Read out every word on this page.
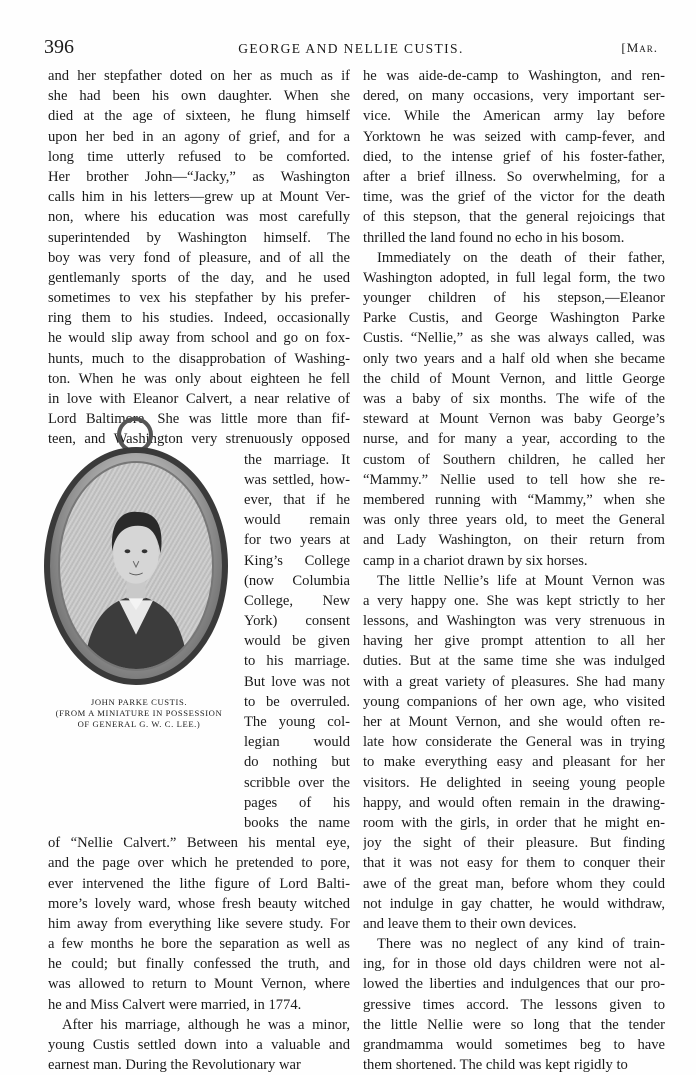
396	GEORGE AND NELLIE CUSTIS.	[Mar.
and her stepfather doted on her as much as if
she had been his own daughter. When she
died at the age of sixteen, he flung himself
upon her bed in an agony of grief, and for a
long time utterly refused to be comforted.
Her brother John—“Jacky,” as Washington
calls him in his letters—grew up at Mount Ver-
non, where his education was most carefully
superintended by Washington himself. The
boy was very fond of pleasure, and of all the
gentlemanly sports of the day, and he used
sometimes to vex his stepfather by his prefer-
ring them to his studies. Indeed, occasionally
he would slip away from school and go on fox-
hunts, much to the disapprobation of Washing-
ton. When he was only about eighteen he fell
in love with Eleanor Calvert, a near relative of
Lord Baltimore. She was little more than fif-
teen, and Washington very strenuously opposed
the marriage. It
was settled, how-
ever, that if he
would remain
for two years at
King’s College
(now Columbia
College, New
York) consent
would be given
to his marriage.
But love was not
to be overruled.
The young col-
legian would
do nothing but
scribble over the
pages of his
books the name
of “Nellie Calvert.” Between his mental eye,
and the page over which he pretended to pore,
ever intervened the lithe figure of Lord Balti-
more’s lovely ward, whose fresh beauty witched
him away from everything like severe study. For
a few months he bore the separation as well as
he could; but finally confessed the truth, and
was allowed to return to Mount Vernon, where
he and Miss Calvert were married, in 1774.
After his marriage, although he was a minor,
young Custis settled down into a valuable and
earnest man. During the Revolutionary war
he was aide-de-camp to Washington, and ren-
dered, on many occasions, very important ser-
vice. While the American army lay before
Yorktown he was seized with camp-fever, and
died, to the intense grief of his foster-father,
after a brief illness. So overwhelming, for a
time, was the grief of the victor for the death
of this stepson, that the general rejoicings that
thrilled the land found no echo in his bosom.
Immediately on the death of their father,
Washington adopted, in full legal form, the two
younger children of his stepson,—Eleanor
Parke Custis, and George Washington Parke
Custis. “Nellie,” as she was always called, was
only two years and a half old when she became
the child of Mount Vernon, and little George
was a baby of six months. The wife of the
steward at Mount Vernon was baby George’s
nurse, and for many a year, according to the
custom of Southern children, he called her
“Mammy.” Nellie used to tell how she re-
membered running with “Mammy,” when she
was only three years old, to meet the General
and Lady Washington, on their return from
camp in a chariot drawn by six horses.
The little Nellie’s life at Mount Vernon was
a very happy one. She was kept strictly to her
lessons, and Washington was very strenuous in
having her give prompt attention to all her
duties. But at the same time she was indulged
with a great variety of pleasures. She had many
young companions of her own age, who visited
her at Mount Vernon, and she would often re-
late how considerate the General was in trying
to make everything easy and pleasant for her
visitors. He delighted in seeing young people
happy, and would often remain in the drawing-
room with the girls, in order that he might en-
joy the sight of their pleasure. But finding
that it was not easy for them to conquer their
awe of the great man, before whom they could
not indulge in gay chatter, he would withdraw,
and leave them to their own devices.
There was no neglect of any kind of train-
ing, for in those old days children were not al-
lowed the liberties and indulgences that our pro-
gressive times accord. The lessons given to
the little Nellie were so long that the tender
grandmamma would sometimes beg to have
them shortened. The child was kept rigidly to
JOHN PARKE CUSTIS.
(FROM A MINIATURE IN POSSESSION
OF GENERAL G. W. C. LEE.)
